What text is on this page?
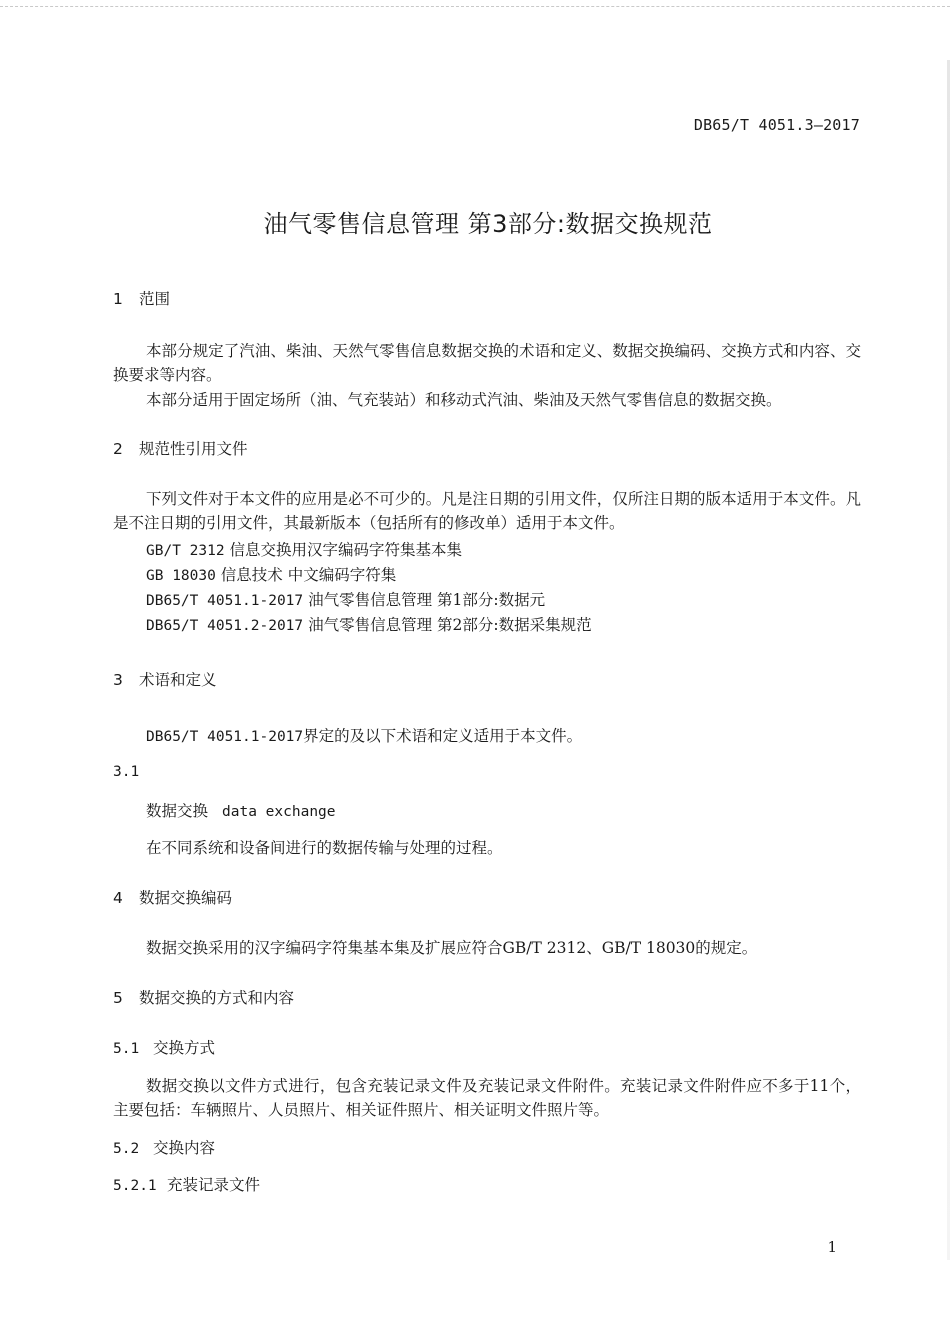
DB65/T 4051.3—2017
油气零售信息管理 第3部分:数据交换规范
1 范围

本部分规定了汽油、柴油、天然气零售信息数据交换的术语和定义、数据交换编码、交换方式和内容、交换要求等内容。

本部分适用于固定场所（油、气充装站）和移动式汽油、柴油及天然气零售信息的数据交换。

2 规范性引用文件

下列文件对于本文件的应用是必不可少的。凡是注日期的引用文件，仅所注日期的版本适用于本文件。凡是不注日期的引用文件，其最新版本（包括所有的修改单）适用于本文件。

GB/T 2312 信息交换用汉字编码字符集基本集
GB 18030 信息技术 中文编码字符集
DB65/T 4051.1-2017 油气零售信息管理 第1部分:数据元
DB65/T 4051.2-2017 油气零售信息管理 第2部分:数据采集规范
3 术语和定义
DB65/T 4051.1-2017界定的及以下术语和定义适用于本文件。
3.1
数据交换 data exchange
在不同系统和设备间进行的数据传输与处理的过程。
4 数据交换编码

数据交换采用的汉字编码字符集基本集及扩展应符合GB/T 2312、GB/T 18030的规定。

5 数据交换的方式和内容
5.1 交换方式

数据交换以文件方式进行，包含充装记录文件及充装记录文件附件。充装记录文件附件应不多于11个，主要包括：车辆照片、人员照片、相关证件照片、相关证明文件照片等。

5.2 交换内容
5.2.1 充装记录文件
1
